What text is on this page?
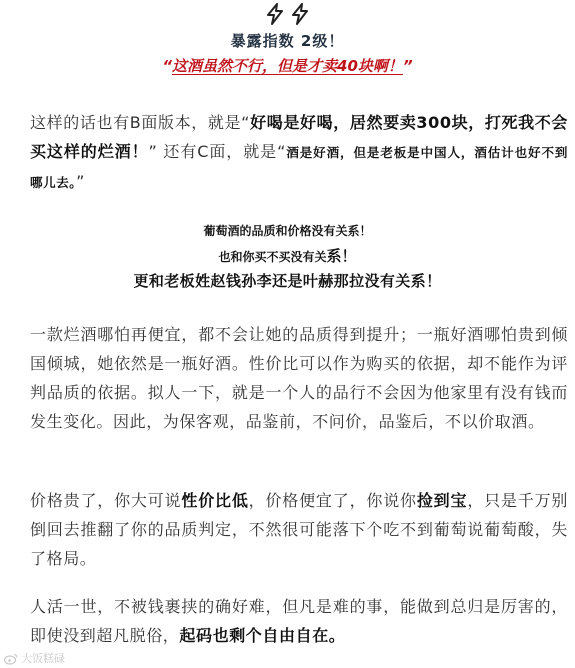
暴露指数 2级！
“这酒虽然不行，但是才卖40块啊！”
这样的话也有B面版本，就是“好喝是好喝，居然要卖300块，打死我不会买这样的烂酒！” 还有C面，就是“酒是好酒，但是老板是中国人，酒估计也好不到哪儿去。”
葡萄酒的品质和价格没有关系！
也和你买不买没有关系！
更和老板姓赵钱孙李还是叶赫那拉没有关系！
一款烂酒哪怕再便宜，都不会让她的品质得到提升；一瓶好酒哪怕贵到倾国倾城，她依然是一瓶好酒。性价比可以作为购买的依据，却不能作为评判品质的依据。拟人一下，就是一个人的品行不会因为他家里有没有钱而发生变化。因此，为保客观，品鉴前，不问价，品鉴后，不以价取酒。
价格贵了，你大可说性价比低，价格便宜了，你说你捡到宝，只是千万别倒回去推翻了你的品质判定，不然很可能落下个吃不到葡萄说葡萄酸，失了格局。
人活一世，不被钱裹挟的确好难，但凡是难的事，能做到总归是厉害的，即使没到超凡脱俗，起码也剩个自由自在。
大饭糕碌
